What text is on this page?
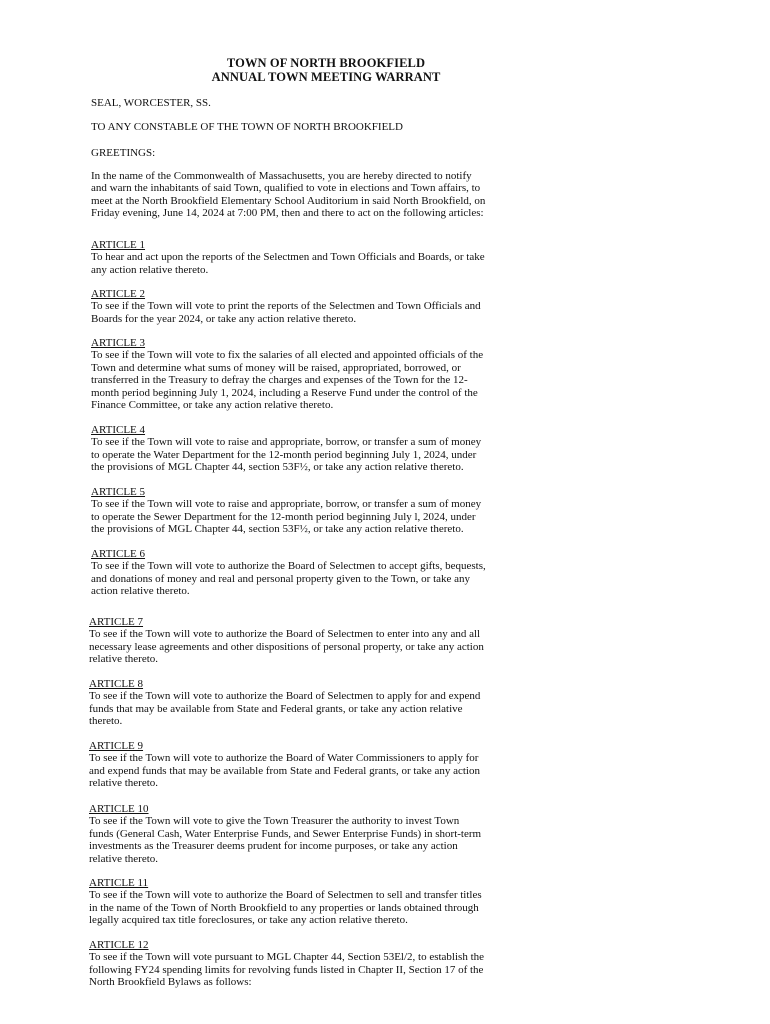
TOWN OF NORTH BROOKFIELD
ANNUAL TOWN MEETING WARRANT
SEAL, WORCESTER, SS.
TO ANY CONSTABLE OF THE TOWN OF NORTH BROOKFIELD
GREETINGS:
In the name of the Commonwealth of Massachusetts, you are hereby directed to notify
and warn the inhabitants of said Town, qualified to vote in elections and Town affairs, to
meet at the North Brookfield Elementary School Auditorium in said North Brookfield, on
Friday evening, June 14, 2024 at 7:00 PM, then and there to act on the following articles:
ARTICLE 1
To hear and act upon the reports of the Selectmen and Town Officials and Boards, or take
any action relative thereto.
ARTICLE 2
To see if the Town will vote to print the reports of the Selectmen and Town Officials and
Boards for the year 2024, or take any action relative thereto.
ARTICLE 3
To see if the Town will vote to fix the salaries of all elected and appointed officials of the
Town and determine what sums of money will be raised, appropriated, borrowed, or
transferred in the Treasury to defray the charges and expenses of the Town for the 12-
month period beginning July 1, 2024, including a Reserve Fund under the control of the
Finance Committee, or take any action relative thereto.
ARTICLE 4
To see if the Town will vote to raise and appropriate, borrow, or transfer a sum of money
to operate the Water Department for the 12-month period beginning July 1, 2024, under
the provisions of MGL Chapter 44, section 53F½, or take any action relative thereto.
ARTICLE 5
To see if the Town will vote to raise and appropriate, borrow, or transfer a sum of money
to operate the Sewer Department for the 12-month period beginning July l, 2024, under
the provisions of MGL Chapter 44, section 53F½, or take any action relative thereto.
ARTICLE 6
To see if the Town will vote to authorize the Board of Selectmen to accept gifts, bequests,
and donations of money and real and personal property given to the Town, or take any
action relative thereto.
ARTICLE 7
To see if the Town will vote to authorize the Board of Selectmen to enter into any and all
necessary lease agreements and other dispositions of personal property, or take any action
relative thereto.
ARTICLE 8
To see if the Town will vote to authorize the Board of Selectmen to apply for and expend
funds that may be available from State and Federal grants, or take any action relative
thereto.
ARTICLE 9
To see if the Town will vote to authorize the Board of Water Commissioners to apply for
and expend funds that may be available from State and Federal grants, or take any action
relative thereto.
ARTICLE 10
To see if the Town will vote to give the Town Treasurer the authority to invest Town
funds (General Cash, Water Enterprise Funds, and Sewer Enterprise Funds) in short-term
investments as the Treasurer deems prudent for income purposes, or take any action
relative thereto.
ARTICLE 11
To see if the Town will vote to authorize the Board of Selectmen to sell and transfer titles
in the name of the Town of North Brookfield to any properties or lands obtained through
legally acquired tax title foreclosures, or take any action relative thereto.
ARTICLE 12
To see if the Town will vote pursuant to MGL Chapter 44, Section 53El/2, to establish the
following FY24 spending limits for revolving funds listed in Chapter II, Section 17 of the
North Brookfield Bylaws as follows:
